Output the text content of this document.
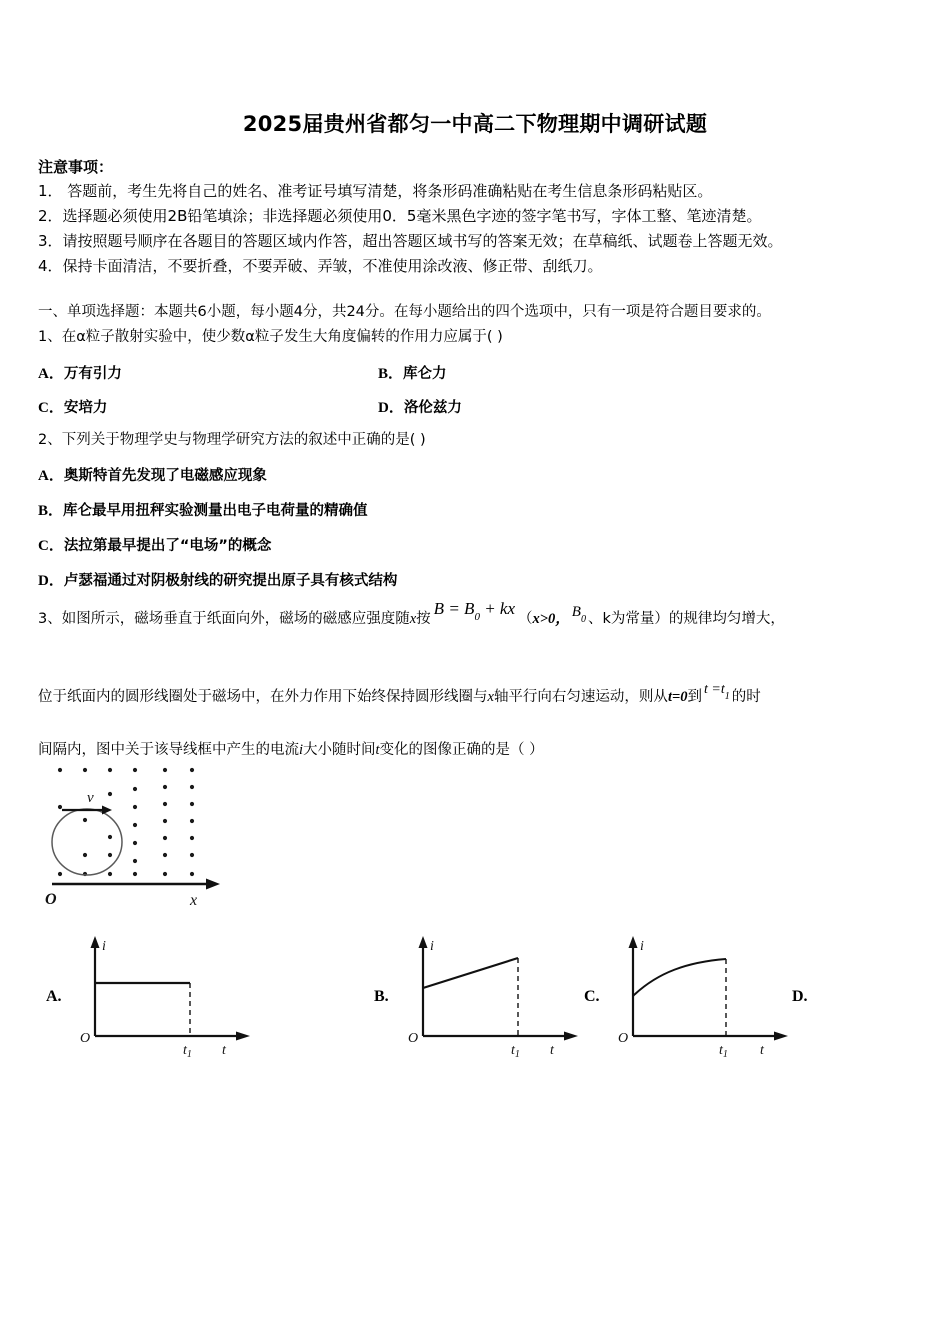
2025届贵州省都匀一中高二下物理期中调研试题
注意事项：
1． 答题前，考生先将自己的姓名、准考证号填写清楚，将条形码准确粘贴在考生信息条形码粘贴区。
2．选择题必须使用2B铅笔填涂；非选择题必须使用0．5毫米黑色字迹的签字笔书写，字体工整、笔迹清楚。
3．请按照题号顺序在各题目的答题区域内作答，超出答题区域书写的答案无效；在草稿纸、试题卷上答题无效。
4．保持卡面清洁，不要折叠，不要弄破、弄皱，不准使用涂改液、修正带、刮纸刀。
一、单项选择题：本题共6小题，每小题4分，共24分。在每小题给出的四个选项中，只有一项是符合题目要求的。
1、在α粒子散射实验中，使少数α粒子发生大角度偏转的作用力应属于( )
A．万有引力	B．库仑力
C．安培力	D．洛伦兹力
2、下列关于物理学史与物理学研究方法的叙述中正确的是( )
A．奥斯特首先发现了电磁感应现象
B．库仑最早用扭秤实验测量出电子电荷量的精确值
C．法拉第最早提出了“电场”的概念
D．卢瑟福通过对阴极射线的研究提出原子具有核式结构
3、如图所示，磁场垂直于纸面向外，磁场的磁感应强度随x按$B = B_0 + kx(x>0$， $B_0$ 、k为常量）的规律均匀增大，
位于纸面内的圆形线圈处于磁场中，在外力作用下始终保持圆形线圈与x轴平行向右匀速运动，则从t=0到 $t =t_1$ 的时
间隔内，图中关于该导线框中产生的电流i大小随时间t变化的图像正确的是（ ）
v
O	x
A.
i
O
$t_1$ t
B.
i
O
$t_1$ t
C.
i
O
$t_1$ t
D.
